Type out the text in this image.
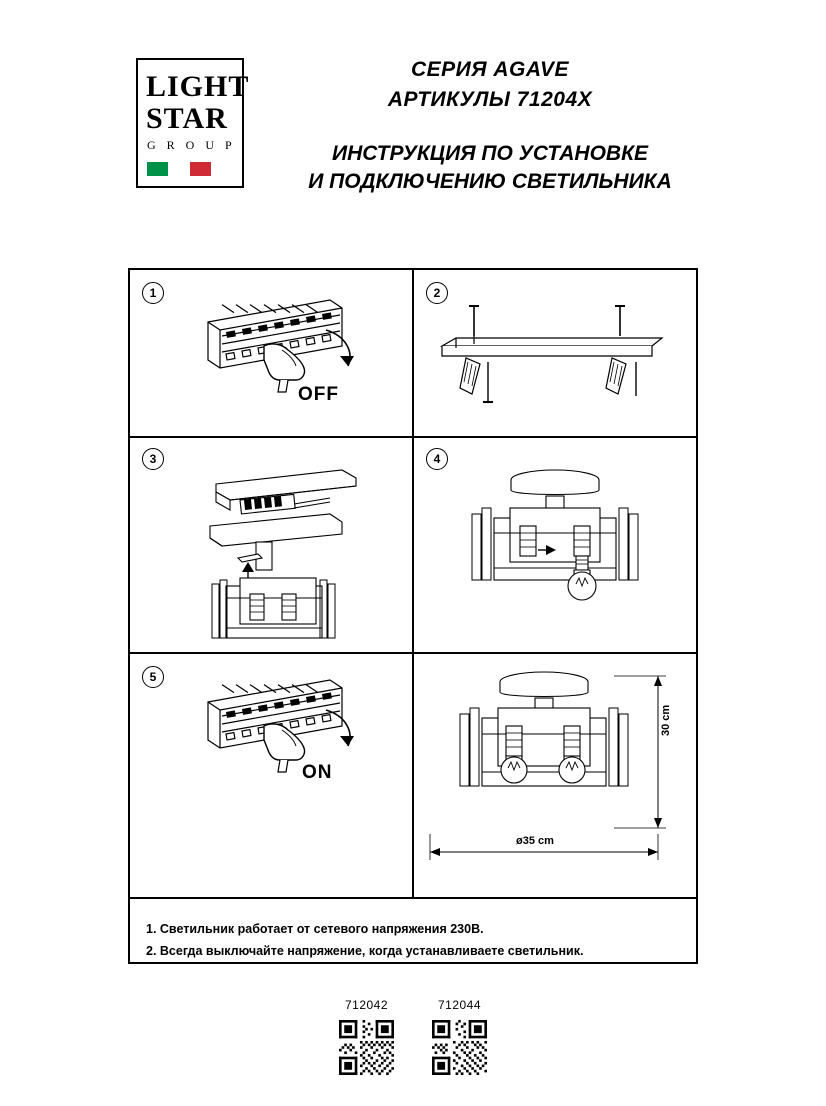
LIGHT
STAR
G R O U P
СЕРИЯ AGAVE
АРТИКУЛЫ 71204X
ИНСТРУКЦИЯ ПО УСТАНОВКЕ
И ПОДКЛЮЧЕНИЮ СВЕТИЛЬНИКА
1
OFF
2
3	4
5
ON
30 cm
ø35 cm
1. Светильник работает от сетевого напряжения 230В.
2. Всегда выключайте напряжение, когда устанавливаете светильник.
712042	712044
